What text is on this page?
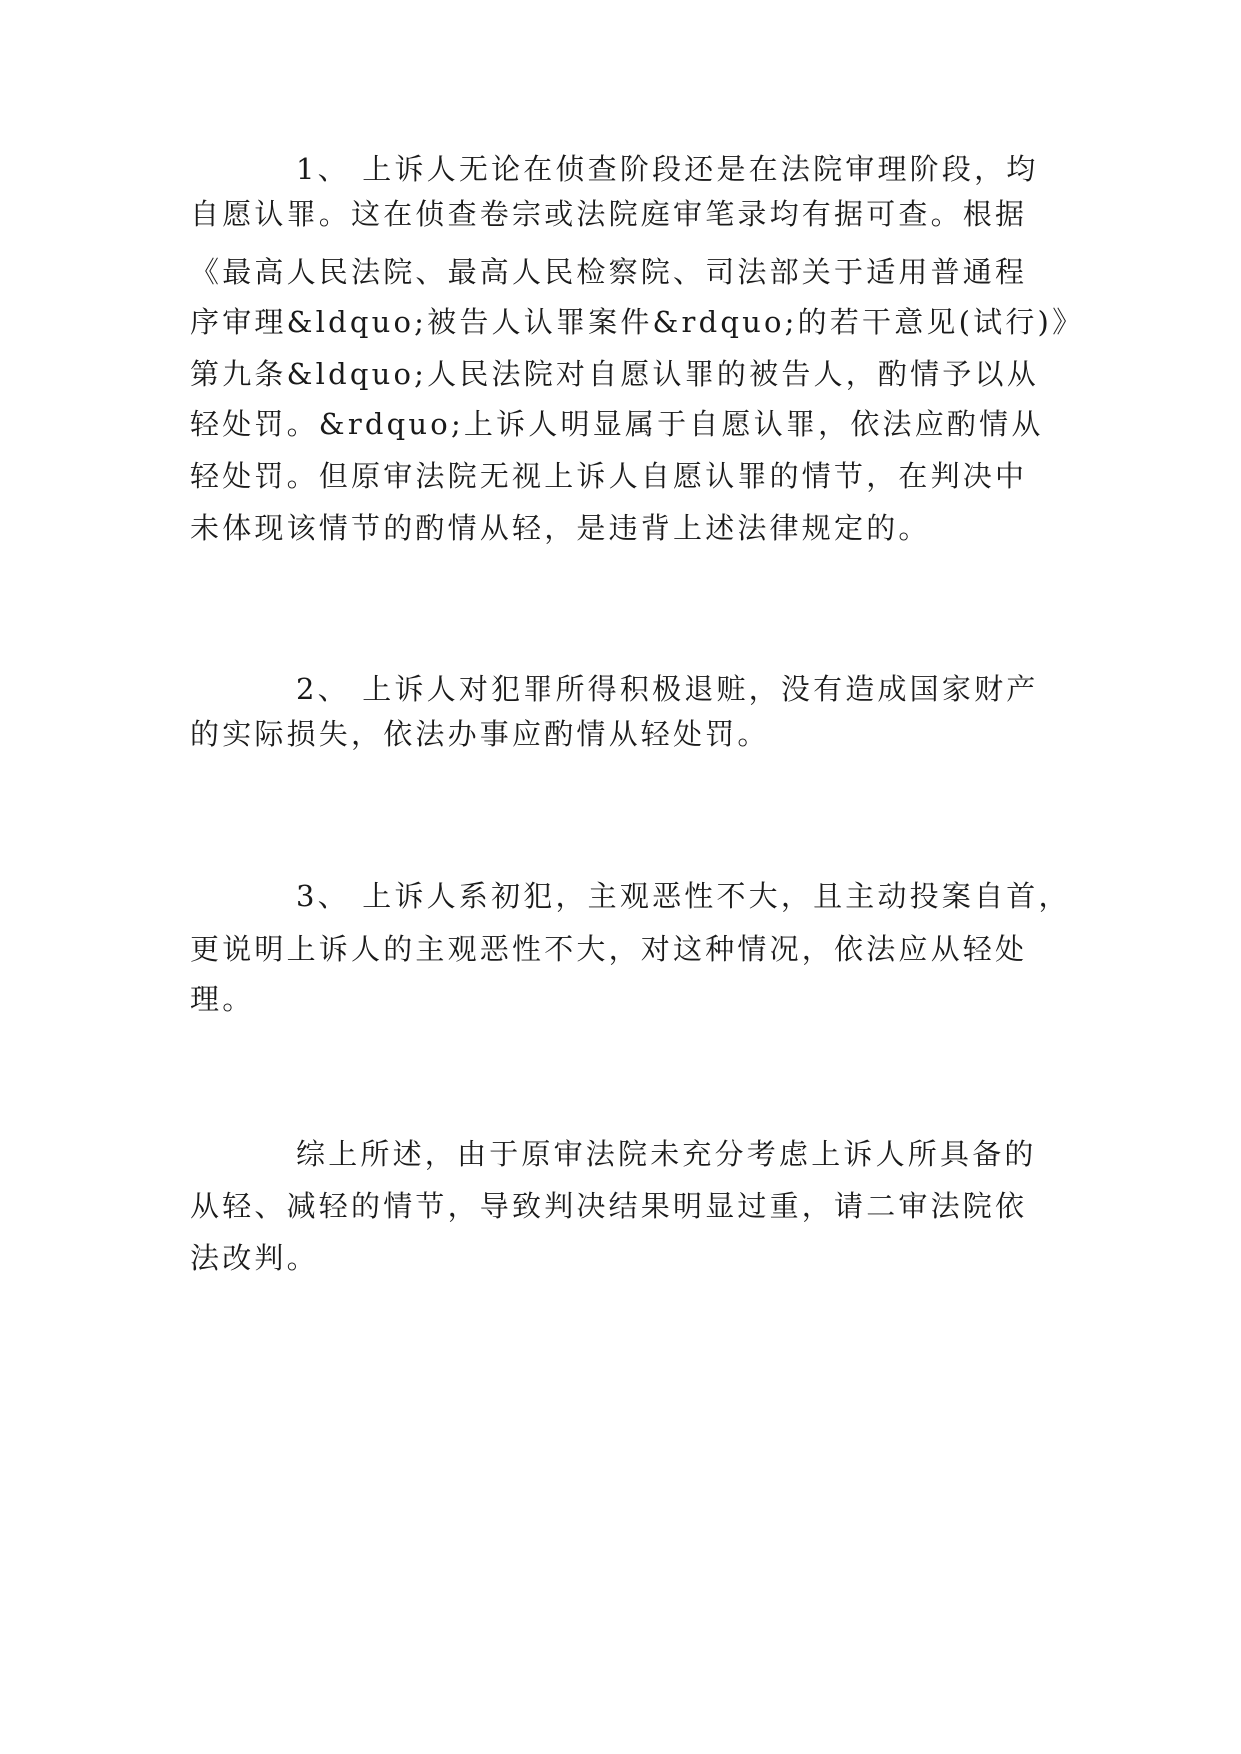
1、 上诉人无论在侦查阶段还是在法院审理阶段，均
自愿认罪。这在侦查卷宗或法院庭审笔录均有据可查。根据
《最高人民法院、最高人民检察院、司法部关于适用普通程
序审理&ldquo;被告人认罪案件&rdquo;的若干意见(试行)》
第九条&ldquo;人民法院对自愿认罪的被告人，酌情予以从
轻处罚。&rdquo;上诉人明显属于自愿认罪，依法应酌情从
轻处罚。但原审法院无视上诉人自愿认罪的情节，在判决中
未体现该情节的酌情从轻，是违背上述法律规定的。
2、 上诉人对犯罪所得积极退赃，没有造成国家财产
的实际损失，依法办事应酌情从轻处罚。
3、 上诉人系初犯，主观恶性不大，且主动投案自首，
更说明上诉人的主观恶性不大，对这种情况，依法应从轻处
理。
综上所述，由于原审法院未充分考虑上诉人所具备的
从轻、减轻的情节，导致判决结果明显过重，请二审法院依
法改判。
